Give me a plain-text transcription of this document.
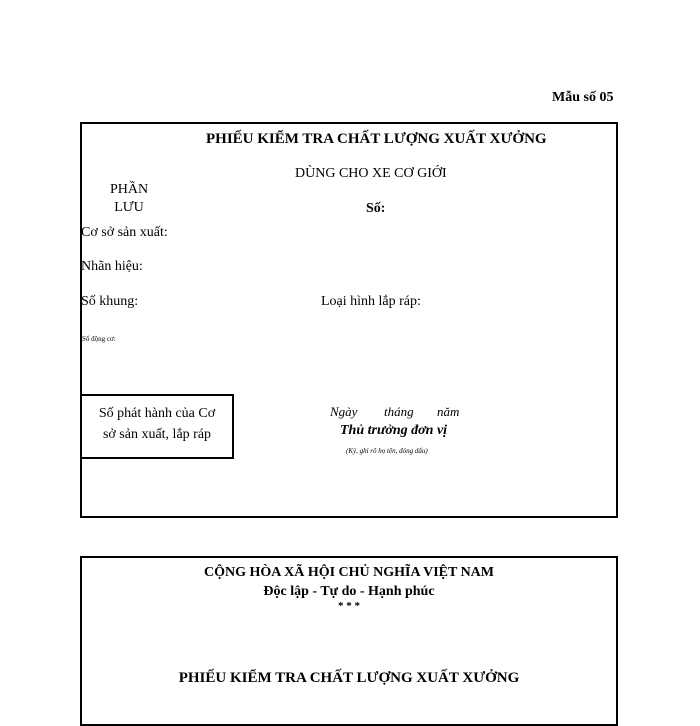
Mẫu số 05
PHIẾU KIỂM TRA CHẤT LƯỢNG XUẤT XƯỞNG
DÙNG CHO XE CƠ GIỚI
PHẦN
LƯU	Số:
Cơ sở sản xuất:
Nhãn hiệu:
Số khung:	Loại hình lắp ráp:
Số động cơ:
Số phát hành của Cơ
sở sản xuất, lắp ráp
Ngày tháng năm
Thủ trưởng đơn vị
(Ký, ghi rõ họ tên, đóng dấu)
CỘNG HÒA XÃ HỘI CHỦ NGHĨA VIỆT NAM
Độc lập - Tự do - Hạnh phúc
* * *
PHIẾU KIỂM TRA CHẤT LƯỢNG XUẤT XƯỞNG
